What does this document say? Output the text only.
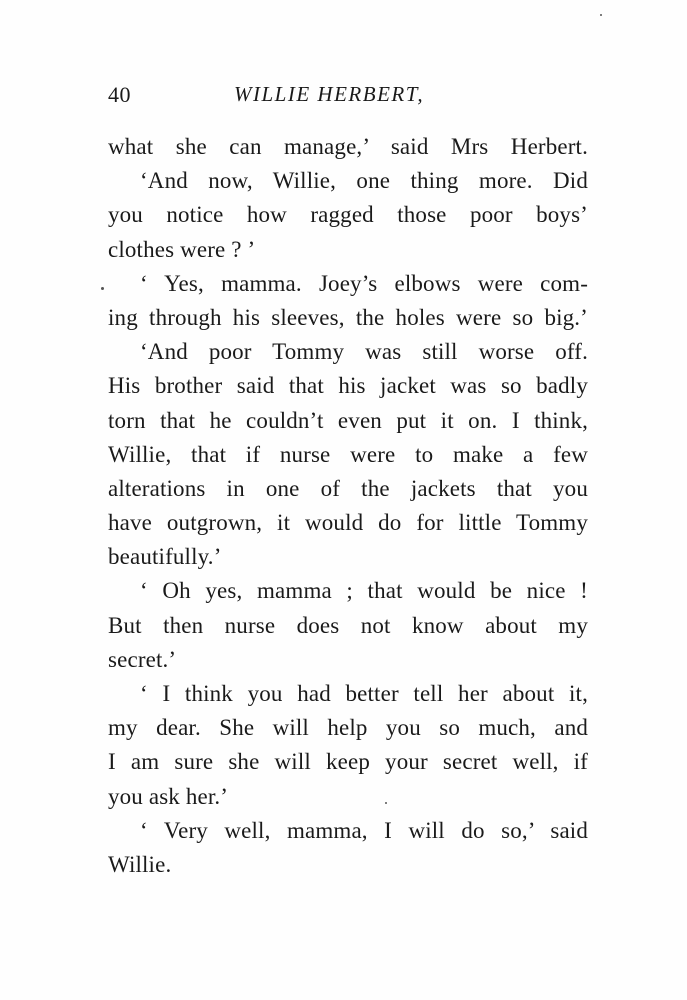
40	WILLIE HERBERT,
what she can manage,’ said Mrs Herbert.
‘And now, Willie, one thing more. Did
you notice how ragged those poor boys’
clothes were ? ’
‘ Yes, mamma. Joey’s elbows were com-
ing through his sleeves, the holes were so big.’
‘And poor Tommy was still worse off.
His brother said that his jacket was so badly
torn that he couldn’t even put it on. I think,
Willie, that if nurse were to make a few
alterations in one of the jackets that you
have outgrown, it would do for little Tommy
beautifully.’
‘ Oh yes, mamma ; that would be nice !
But then nurse does not know about my
secret.’
‘ I think you had better tell her about it,
my dear. She will help you so much, and
I am sure she will keep your secret well, if
you ask her.’
‘ Very well, mamma, I will do so,’ said
Willie.
